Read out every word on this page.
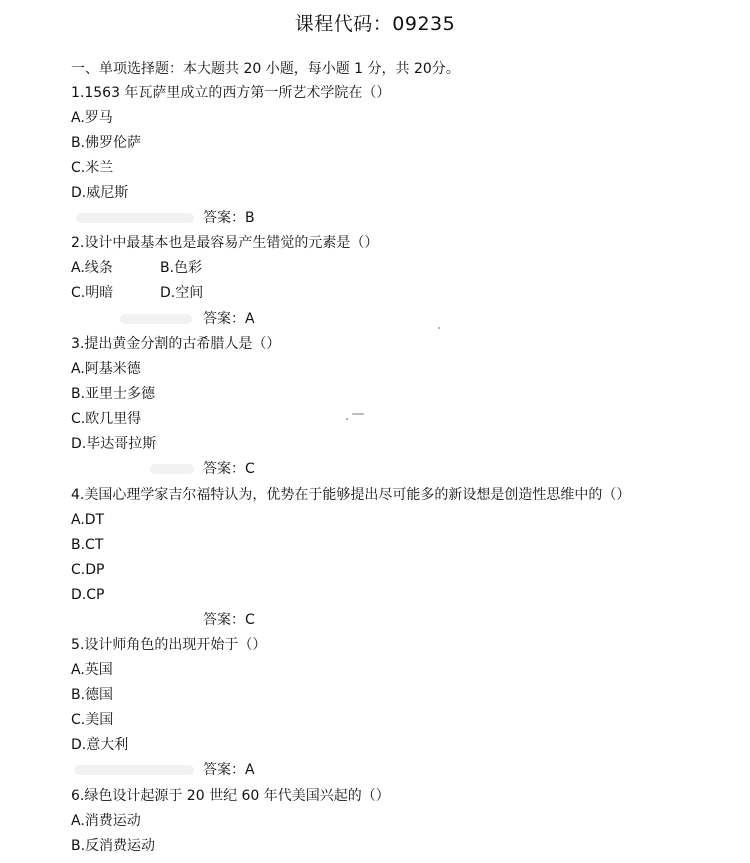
课程代码：09235
一、单项选择题：本大题共 20 小题，每小题 1 分，共 20分。
1.1563 年瓦萨里成立的西方第一所艺术学院在（）
A.罗马
B.佛罗伦萨
C.米兰
D.威尼斯
答案：B
2.设计中最基本也是最容易产生错觉的元素是（）
A.线条	B.色彩
C.明暗	D.空间
答案：A
3.提出黄金分割的古希腊人是（）
A.阿基米德
B.亚里士多德
C.欧几里得
D.毕达哥拉斯
答案：C
4.美国心理学家吉尔福特认为，优势在于能够提出尽可能多的新设想是创造性思维中的（）
A.DT
B.CT
C.DP
D.CP
答案：C
5.设计师角色的出现开始于（）
A.英国
B.德国
C.美国
D.意大利
答案：A
6.绿色设计起源于 20 世纪 60 年代美国兴起的（）
A.消费运动
B.反消费运动
